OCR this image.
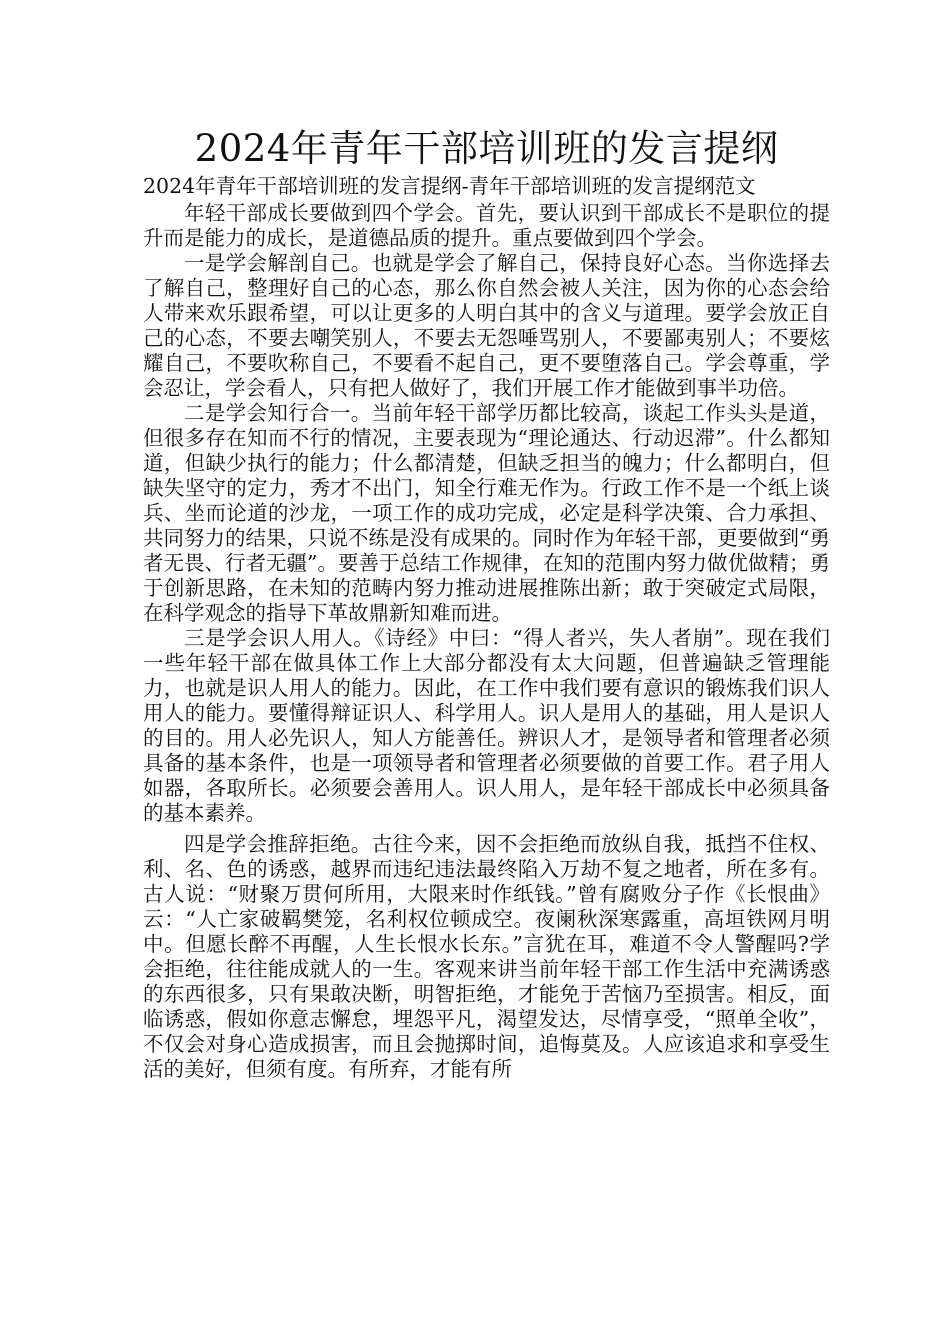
2024年青年干部培训班的发言提纲

2024年青年干部培训班的发言提纲-青年干部培训班的发言提纲范文

年轻干部成长要做到四个学会。首先，要认识到干部成长不是职位的提升而是能力的成长，是道德品质的提升。重点要做到四个学会。

一是学会解剖自己。也就是学会了解自己，保持良好心态。当你选择去了解自己，整理好自己的心态，那么你自然会被人关注，因为你的心态会给人带来欢乐跟希望，可以让更多的人明白其中的含义与道理。要学会放正自己的心态，不要去嘲笑别人，不要去无怨唾骂别人，不要鄙夷别人；不要炫耀自己，不要吹称自己，不要看不起自己，更不要堕落自己。学会尊重，学会忍让，学会看人，只有把人做好了，我们开展工作才能做到事半功倍。

二是学会知行合一。当前年轻干部学历都比较高，谈起工作头头是道，但很多存在知而不行的情况，主要表现为“理论通达、行动迟滞”。什么都知道，但缺少执行的能力；什么都清楚，但缺乏担当的魄力；什么都明白，但缺失坚守的定力，秀才不出门，知全行难无作为。行政工作不是一个纸上谈兵、坐而论道的沙龙，一项工作的成功完成，必定是科学决策、合力承担、共同努力的结果，只说不练是没有成果的。同时作为年轻干部，更要做到“勇者无畏、行者无疆”。要善于总结工作规律，在知的范围内努力做优做精；勇于创新思路，在未知的范畴内努力推动进展推陈出新；敢于突破定式局限，在科学观念的指导下革故鼎新知难而进。

三是学会识人用人。《诗经》中曰：“得人者兴，失人者崩”。现在我们一些年轻干部在做具体工作上大部分都没有太大问题，但普遍缺乏管理能力，也就是识人用人的能力。因此，在工作中我们要有意识的锻炼我们识人用人的能力。要懂得辩证识人、科学用人。识人是用人的基础，用人是识人的目的。用人必先识人，知人方能善任。辨识人才，是领导者和管理者必须具备的基本条件，也是一项领导者和管理者必须要做的首要工作。君子用人如器，各取所长。必须要会善用人。识人用人，是年轻干部成长中必须具备的基本素养。

四是学会推辞拒绝。古往今来，因不会拒绝而放纵自我，抵挡不住权、利、名、色的诱惑，越界而违纪违法最终陷入万劫不复之地者，所在多有。古人说：“财聚万贯何所用，大限来时作纸钱。”曾有腐败分子作《长恨曲》云：“人亡家破羁樊笼，名利权位顿成空。夜阑秋深寒露重，高垣铁网月明中。但愿长醉不再醒，人生长恨水长东。”言犹在耳，难道不令人警醒吗?学会拒绝，往往能成就人的一生。客观来讲当前年轻干部工作生活中充满诱惑的东西很多，只有果敢决断，明智拒绝，才能免于苦恼乃至损害。相反，面临诱惑，假如你意志懈怠，埋怨平凡，渴望发达，尽情享受，“照单全收”，不仅会对身心造成损害，而且会抛掷时间，追悔莫及。人应该追求和享受生活的美好，但须有度。有所弃，才能有所
